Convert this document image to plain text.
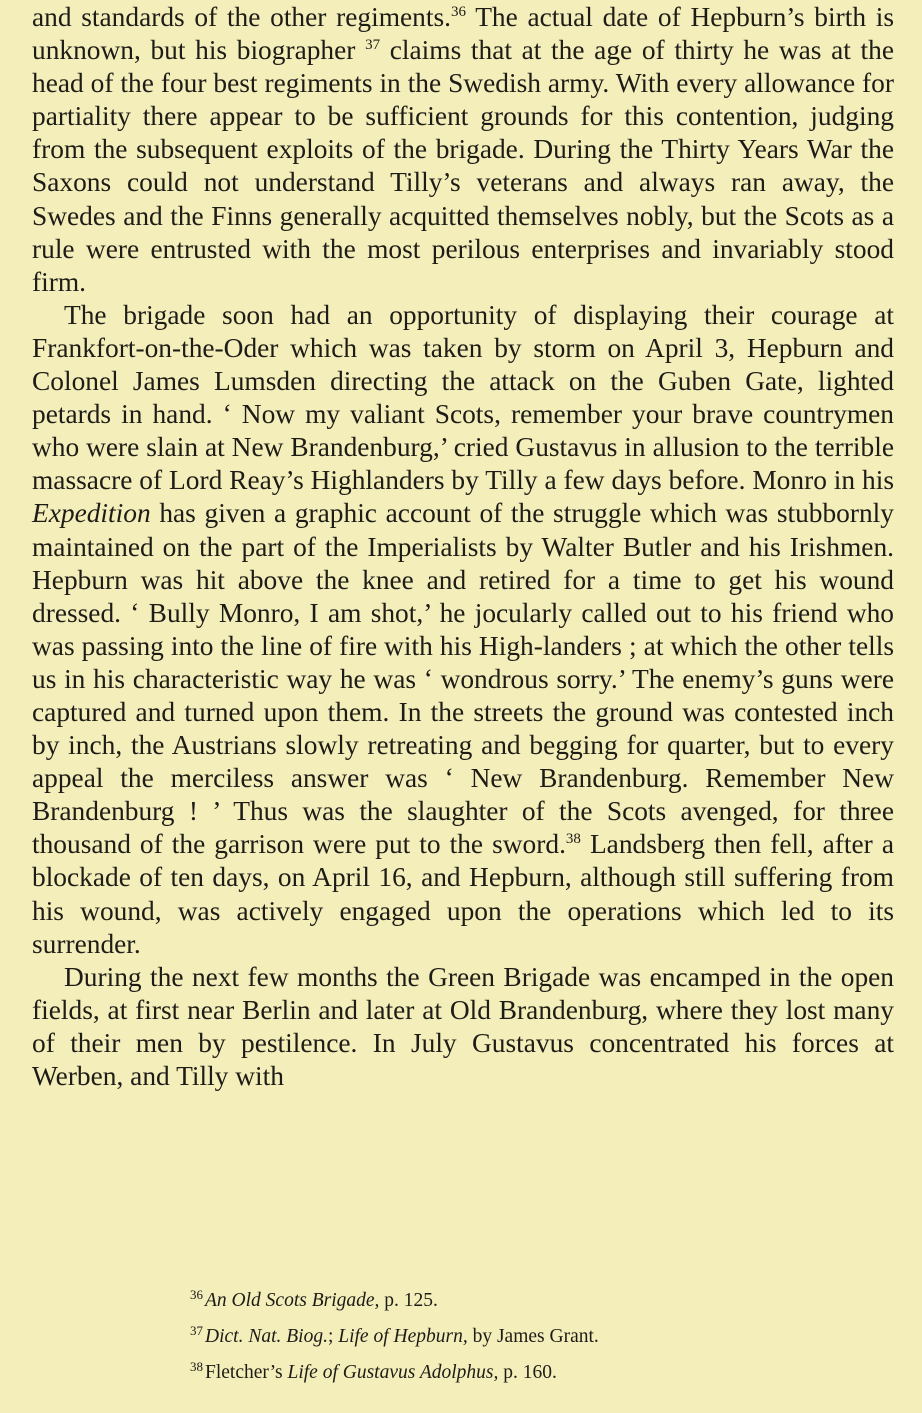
and standards of the other regiments.$^{36}$ The actual date of Hepburn’s birth is unknown, but his biographer $^{37}$ claims that at the age of thirty he was at the head of the four best regiments in the Swedish army. With every allowance for partiality there appear to be sufficient grounds for this contention, judging from the subsequent exploits of the brigade. During the Thirty Years War the Saxons could not understand Tilly’s veterans and always ran away, the Swedes and the Finns generally acquitted themselves nobly, but the Scots as a rule were entrusted with the most perilous enterprises and invariably stood firm.

The brigade soon had an opportunity of displaying their courage at Frankfort-on-the-Oder which was taken by storm on April 3, Hepburn and Colonel James Lumsden directing the attack on the Guben Gate, lighted petards in hand. ‘ Now my valiant Scots, remember your brave countrymen who were slain at New Brandenburg,’ cried Gustavus in allusion to the terrible massacre of Lord Reay’s Highlanders by Tilly a few days before. Monro in his Expedition has given a graphic account of the struggle which was stubbornly maintained on the part of the Imperialists by Walter Butler and his Irishmen. Hepburn was hit above the knee and retired for a time to get his wound dressed. ‘ Bully Monro, I am shot,’ he jocularly called out to his friend who was passing into the line of fire with his High-landers ; at which the other tells us in his characteristic way he was ‘ wondrous sorry.’ The enemy’s guns were captured and turned upon them. In the streets the ground was contested inch by inch, the Austrians slowly retreating and begging for quarter, but to every appeal the merciless answer was ‘ New Brandenburg. Remember New Brandenburg ! ’ Thus was the slaughter of the Scots avenged, for three thousand of the garrison were put to the sword.$^{38}$ Landsberg then fell, after a blockade of ten days, on April 16, and Hepburn, although still suffering from his wound, was actively engaged upon the operations which led to its surrender.

During the next few months the Green Brigade was encamped in the open fields, at first near Berlin and later at Old Brandenburg, where they lost many of their men by pestilence. In July Gustavus concentrated his forces at Werben, and Tilly with

$^{36}$ An Old Scots Brigade, p. 125.
$^{37}$ Dict. Nat. Biog.; Life of Hepburn, by James Grant.
$^{38}$ Fletcher’s Life of Gustavus Adolphus, p. 160.
